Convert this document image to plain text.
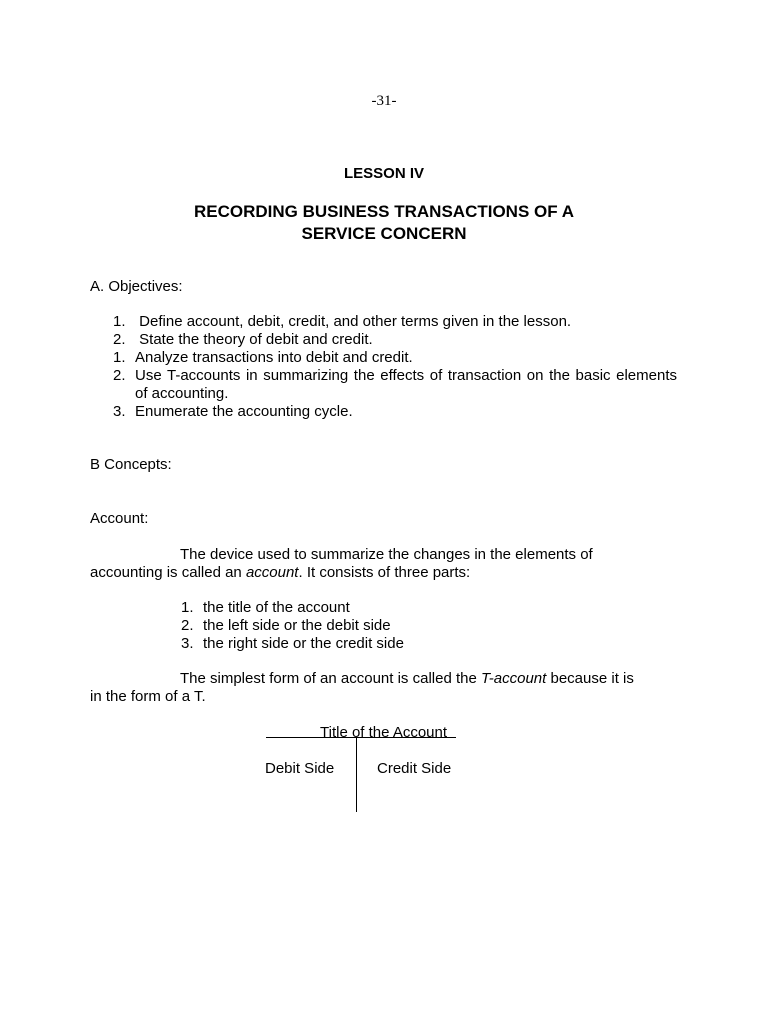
-31-
LESSON IV
RECORDING BUSINESS TRANSACTIONS OF A
SERVICE CONCERN
A. Objectives:
1. Define account, debit, credit, and other terms given in the lesson.
2. State the theory of debit and credit.
1. Analyze transactions into debit and credit.
2. Use T-accounts in summarizing the effects of transaction on the basic elements of accounting.
3. Enumerate the accounting cycle.
B Concepts:
Account:
The device used to summarize the changes in the elements of accounting is called an account. It consists of three parts:
1. the title of the account
2. the left side or the debit side
3. the right side or the credit side
The simplest form of an account is called the T-account because it is in the form of a T.
Title of the Account
Debit Side	Credit Side
